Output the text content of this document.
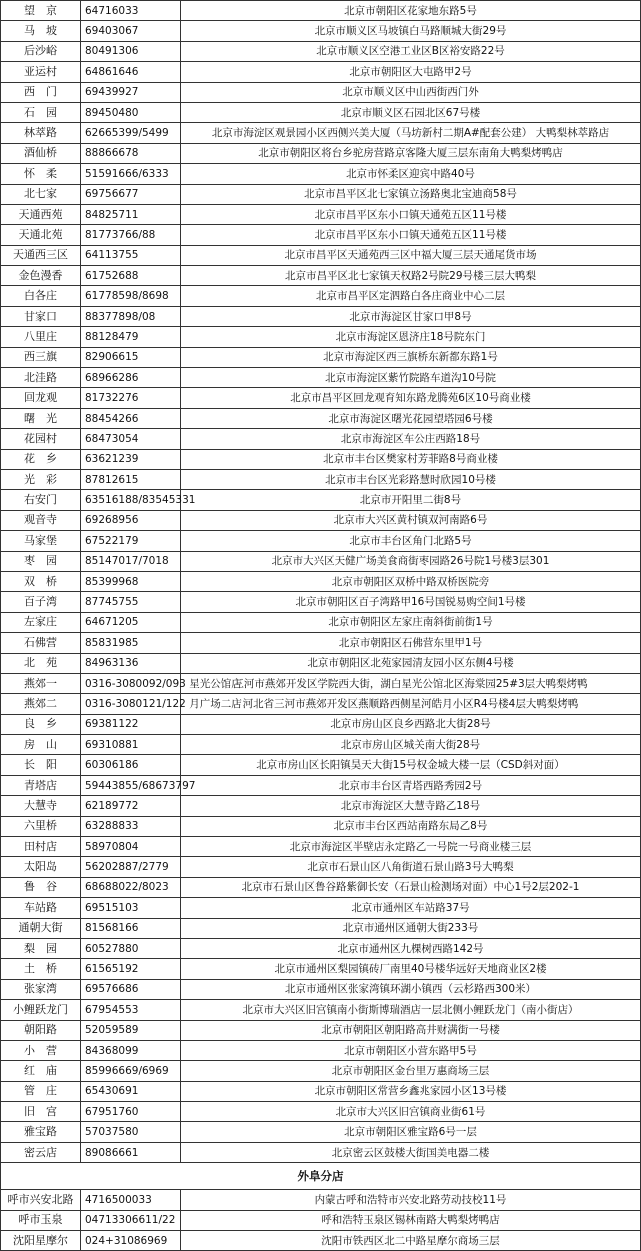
望　京	64716033	北京市朝阳区花家地东路5号
马　坡	69403067	北京市顺义区马坡镇白马路顺城大街29号
后沙峪	80491306	北京市顺义区空港工业区B区裕安路22号
亚运村	64861646	北京市朝阳区大屯路甲2号
西　门	69439927	北京市顺义区中山西街西门外
石　园	89450480	北京市顺义区石园北区67号楼
林萃路	62665399/5499	北京市海淀区观景园小区西侧兴美大厦（马坊新村二期A#配套公建） 大鸭梨林萃路店
酒仙桥	88866678	北京市朝阳区将台乡驼房营路京客隆大厦三层东南角大鸭梨烤鸭店
怀　柔	51591666/6333	北京市怀柔区迎宾中路40号
北七家	69756677	北京市昌平区北七家镇立汤路奥北宝迪商58号
天通西苑	84825711	北京市昌平区东小口镇天通苑五区11号楼
天通北苑	81773766/88	北京市昌平区东小口镇天通苑五区11号楼
天通西三区	64113755	北京市昌平区天通苑西三区中福大厦三层天通尾货市场
金色漫香	61752688	北京市昌平区北七家镇天权路2号院29号楼三层大鸭梨
白各庄	61778598/8698	北京市昌平区定泗路白各庄商业中心二层
甘家口	88377898/08	北京市海淀区甘家口甲8号
八里庄	88128479	北京市海淀区恩济庄18号院东门
西三旗	82906615	北京市海淀区西三旗桥东新都东路1号
北洼路	68966286	北京市海淀区紫竹院路车道沟10号院
回龙观	81732276	北京市昌平区回龙观育知东路龙腾苑6区10号商业楼
曙　光	88454266	北京市海淀区曙光花园望塔园6号楼
花园村	68473054	北京市海淀区车公庄西路18号
花　乡	63621239	北京市丰台区樊家村芳菲路8号商业楼
光　彩	87812615	北京市丰台区光彩路慧时欣园10号楼
右安门	63516188/83545331	北京市开阳里二街8号
观音寺	69268956	北京市大兴区黄村镇双河南路6号
马家堡	67522179	北京市丰台区角门北路5号
枣　园	85147017/7018	北京市大兴区天健广场美食商街枣园路26号院1号楼3层301
双　桥	85399968	北京市朝阳区双桥中路双桥医院旁
百子湾	87745755	北京市朝阳区百子湾路甲16号国锐易购空间1号楼
左家庄	64671205	北京市朝阳区左家庄南斜街前街1号
石佛营	85831985	北京市朝阳区石佛营东里甲1号
北　苑	84963136	北京市朝阳区北苑家园清友园小区东侧4号楼
燕郊一	0316-3080092/093 星光公馆店	三河市燕郊开发区学院西大街，湖白星光公馆北区海棠园25#3层大鸭梨烤鸭
燕郊二	0316-3080121/122 月广场二店	河北省三河市燕郊开发区燕顺路西侧星河皓月小区R4号楼4层大鸭梨烤鸭
良　乡	69381122	北京市房山区良乡西路北大街28号
房　山	69310881	北京市房山区城关南大街28号
长　阳	60306186	北京市房山区长阳镇昊天大街15号权金城大楼一层（CSD斜对面）
青塔店	59443855/68673797	北京市丰台区青塔西路秀园2号
大慧寺	62189772	北京市海淀区大慧寺路乙18号
六里桥	63288833	北京市丰台区西站南路东局乙8号
田村店	58970804	北京市海淀区半壁店永定路乙一号院一号商业楼三层
太阳岛	56202887/2779	北京市石景山区八角街道石景山路3号大鸭梨
鲁　谷	68688022/8023	北京市石景山区鲁谷路紫御长安（石景山检测场对面）中心1号2层202-1
车站路	69515103	北京市通州区车站路37号
通朝大街	81568166	北京市通州区通朝大街233号
梨　园	60527880	北京市通州区九棵树西路142号
土　桥	61565192	北京市通州区梨园镇砖厂南里40号楼华远好天地商业区2楼
张家湾	69576686	北京市通州区张家湾镇环湖小镇西（云杉路西300米）
小鲤跃龙门	67954553	北京市大兴区旧宫镇南小街斯博瑞酒店一层北侧小鲤跃龙门（南小街店）
朝阳路	52059589	北京市朝阳区朝阳路高井财满街一号楼
小　营	84368099	北京市朝阳区小营东路甲5号
红　庙	85996669/6969	北京市朝阳区金台里万惠商场三层
管　庄	65430691	北京市朝阳区常营乡鑫兆家园小区13号楼
旧　宫	67951760	北京市大兴区旧宫镇商业街61号
雅宝路	57037580	北京市朝阳区雅宝路6号一层
密云店	89086661	北京密云区鼓楼大街国美电器二楼
外阜分店		
呼市兴安北路	4716500033	内蒙古呼和浩特市兴安北路劳动技校11号
呼市玉泉	04713306611/22	呼和浩特玉泉区锡林南路大鸭梨烤鸭店
沈阳星摩尔	024+31086969	沈阳市铁西区北二中路星摩尔商场三层
